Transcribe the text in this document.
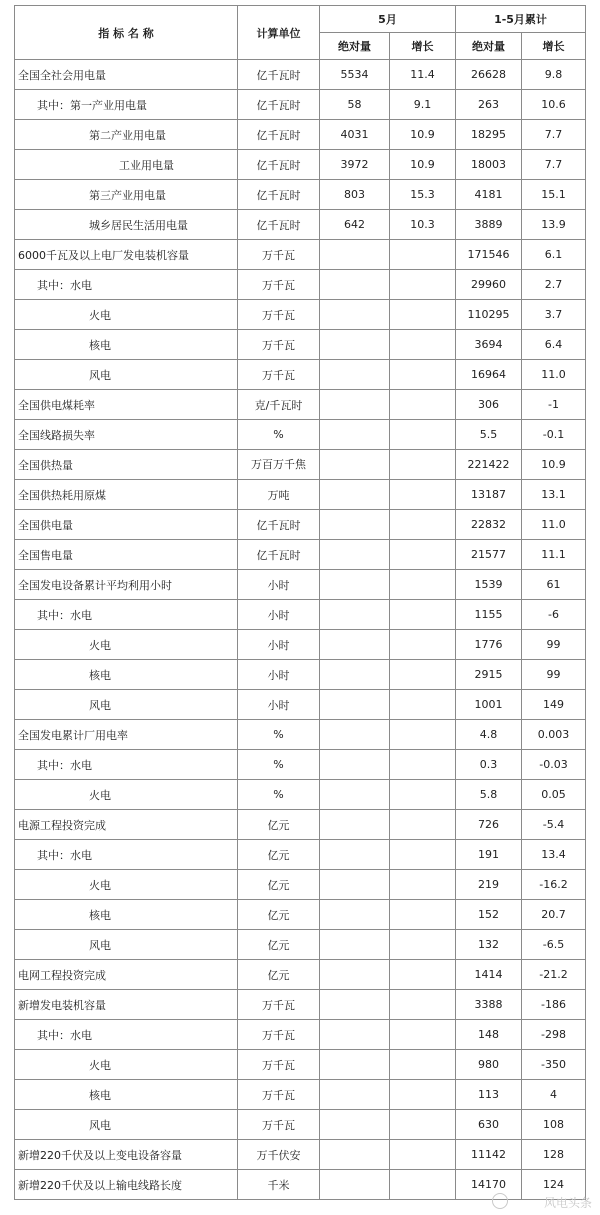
指 标 名 称	计算单位	5月		1-5月累计	
		绝对量	增长	绝对量	增长
全国全社会用电量	亿千瓦时	5534	11.4	26628	9.8
其中：第一产业用电量	亿千瓦时	58	9.1	263	10.6
第二产业用电量	亿千瓦时	4031	10.9	18295	7.7
工业用电量	亿千瓦时	3972	10.9	18003	7.7
第三产业用电量	亿千瓦时	803	15.3	4181	15.1
城乡居民生活用电量	亿千瓦时	642	10.3	3889	13.9
6000千瓦及以上电厂发电装机容量	万千瓦			171546	6.1
其中：水电	万千瓦			29960	2.7
火电	万千瓦			110295	3.7
核电	万千瓦			3694	6.4
风电	万千瓦			16964	11.0
全国供电煤耗率	克/千瓦时			306	-1
全国线路损失率	%			5.5	-0.1
全国供热量	万百万千焦			221422	10.9
全国供热耗用原煤	万吨			13187	13.1
全国供电量	亿千瓦时			22832	11.0
全国售电量	亿千瓦时			21577	11.1
全国发电设备累计平均利用小时	小时			1539	61
其中：水电	小时			1155	-6
火电	小时			1776	99
核电	小时			2915	99
风电	小时			1001	149
全国发电累计厂用电率	%			4.8	0.003
其中：水电	%			0.3	-0.03
火电	%			5.8	0.05
电源工程投资完成	亿元			726	-5.4
其中：水电	亿元			191	13.4
火电	亿元			219	-16.2
核电	亿元			152	20.7
风电	亿元			132	-6.5
电网工程投资完成	亿元			1414	-21.2
新增发电装机容量	万千瓦			3388	-186
其中：水电	万千瓦			148	-298
火电	万千瓦			980	-350
核电	万千瓦			113	4
风电	万千瓦			630	108
新增220千伏及以上变电设备容量	万千伏安			11142	128
新增220千伏及以上输电线路长度	千米			14170	124
风电头条
